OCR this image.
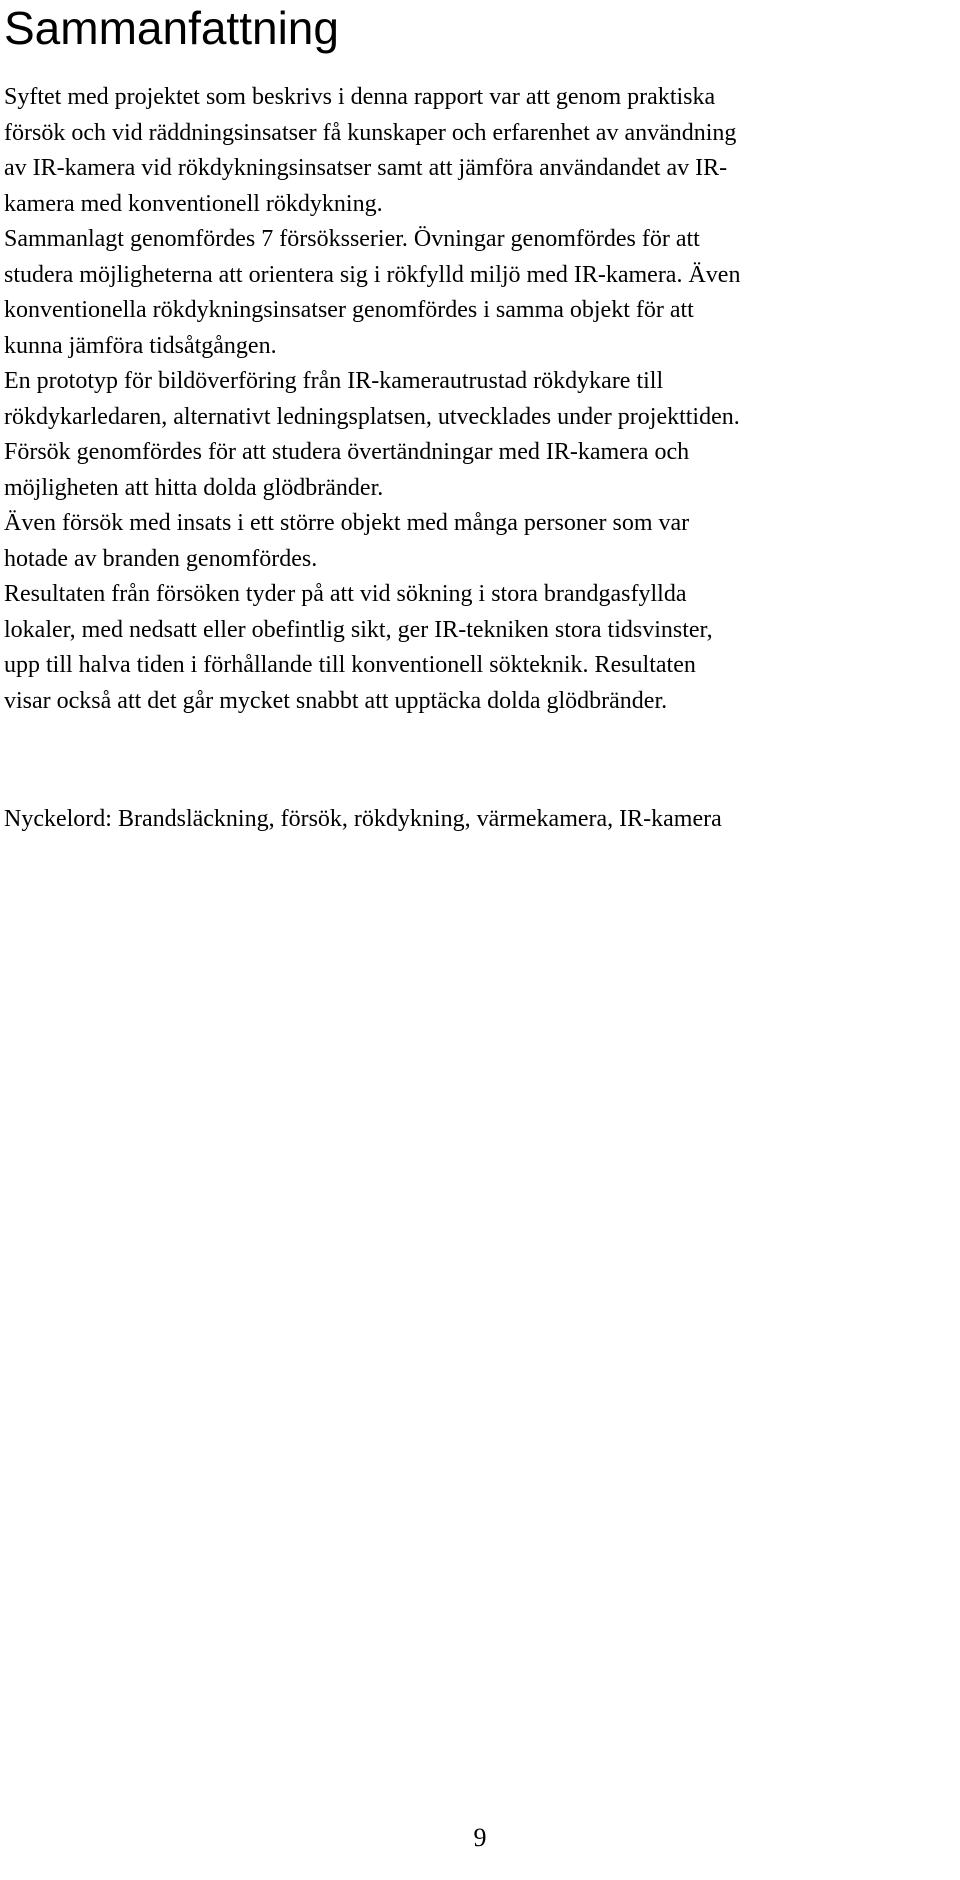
Sammanfattning
Syftet med projektet som beskrivs i denna rapport var att genom praktiska
försök och vid räddningsinsatser få kunskaper och erfarenhet av användning
av IR-kamera vid rökdykningsinsatser samt att jämföra användandet av IR-
kamera med konventionell rökdykning.
Sammanlagt genomfördes 7 försöksserier. Övningar genomfördes för att
studera möjligheterna att orientera sig i rökfylld miljö med IR-kamera. Även
konventionella rökdykningsinsatser genomfördes i samma objekt för att
kunna jämföra tidsåtgången.
En prototyp för bildöverföring från IR-kamerautrustad rökdykare till
rökdykarledaren, alternativt ledningsplatsen, utvecklades under projekttiden.
Försök genomfördes för att studera övertändningar med IR-kamera och
möjligheten att hitta dolda glödbränder.
Även försök med insats i ett större objekt med många personer som var
hotade av branden genomfördes.
Resultaten från försöken tyder på att vid sökning i stora brandgasfyllda
lokaler, med nedsatt eller obefintlig sikt, ger IR-tekniken stora tidsvinster,
upp till halva tiden i förhållande till konventionell sökteknik. Resultaten
visar också att det går mycket snabbt att upptäcka dolda glödbränder.

Nyckelord: Brandsläckning, försök, rökdykning, värmekamera, IR-kamera

9
